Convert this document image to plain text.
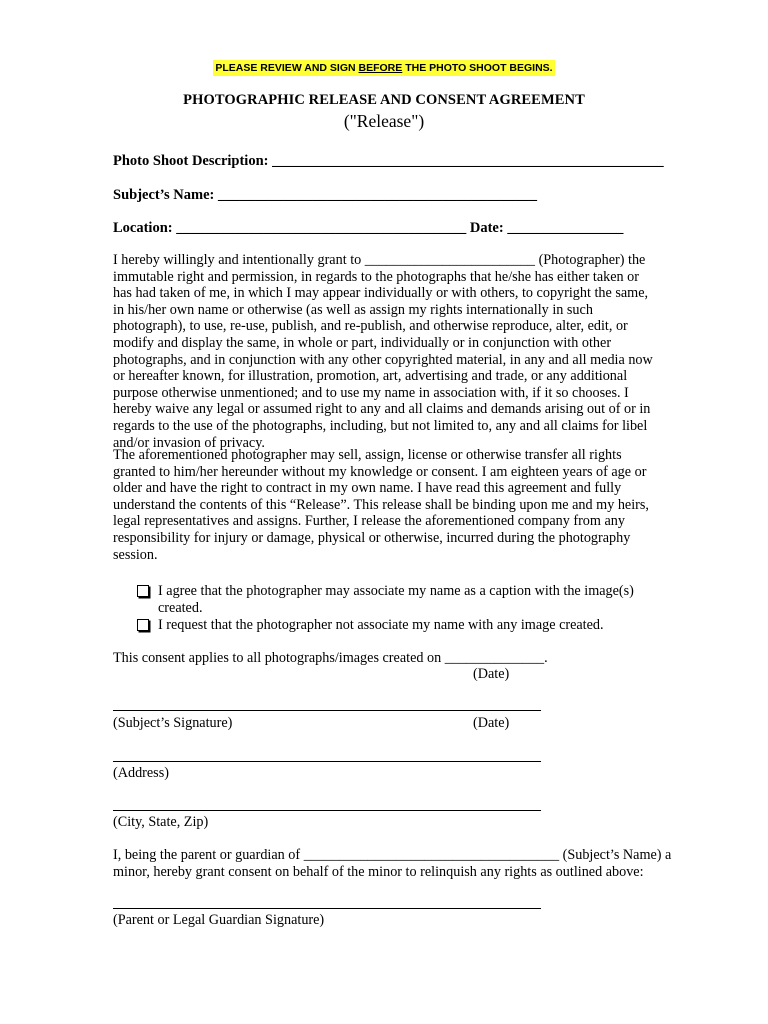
PLEASE REVIEW AND SIGN BEFORE THE PHOTO SHOOT BEGINS.
PHOTOGRAPHIC RELEASE AND CONSENT AGREEMENT
("Release")
Photo Shoot Description: ______________________________________________________
Subject’s Name: ____________________________________________
Location: ________________________________________ Date: ________________
I hereby willingly and intentionally grant to ________________________ (Photographer) the immutable right and permission, in regards to the photographs that he/she has either taken or has had taken of me, in which I may appear individually or with others, to copyright the same, in his/her own name or otherwise (as well as assign my rights internationally in such photograph), to use, re-use, publish, and re-publish, and otherwise reproduce, alter, edit, or modify and display the same, in whole or part, individually or in conjunction with other photographs, and in conjunction with any other copyrighted material, in any and all media now or hereafter known, for illustration, promotion, art, advertising and trade, or any additional purpose otherwise unmentioned; and to use my name in association with, if it so chooses. I hereby waive any legal or assumed right to any and all claims and demands arising out of or in regards to the use of the photographs, including, but not limited to, any and all claims for libel and/or invasion of privacy.
The aforementioned photographer may sell, assign, license or otherwise transfer all rights granted to him/her hereunder without my knowledge or consent. I am eighteen years of age or older and have the right to contract in my own name. I have read this agreement and fully understand the contents of this “Release”. This release shall be binding upon me and my heirs, legal representatives and assigns. Further, I release the aforementioned company from any responsibility for injury or damage, physical or otherwise, incurred during the photography session.
I agree that the photographer may associate my name as a caption with the image(s) created.
I request that the photographer not associate my name with any image created.
This consent applies to all photographs/images created on ______________.
(Date)
(Subject’s Signature)	(Date)
(Address)
(City, State, Zip)
I, being the parent or guardian of ____________________________________ (Subject’s Name) a minor, hereby grant consent on behalf of the minor to relinquish any rights as outlined above:
(Parent or Legal Guardian Signature)
